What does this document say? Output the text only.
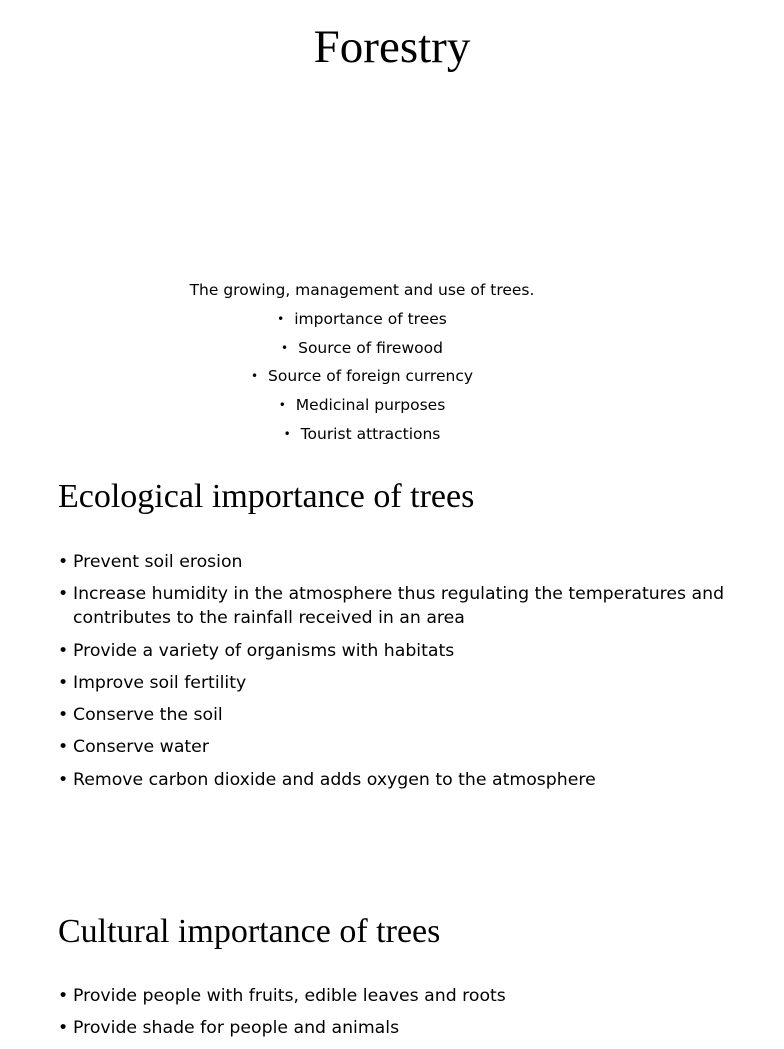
Forestry
The growing, management and use of trees.
• importance of trees
• Source of firewood
• Source of foreign currency
• Medicinal purposes
• Tourist attractions
Ecological importance of trees
• Prevent soil erosion
• Increase humidity in the atmosphere thus regulating the temperatures and contributes to the rainfall received in an area
• Provide a variety of organisms with habitats
• Improve soil fertility
• Conserve the soil
• Conserve water
• Remove carbon dioxide and adds oxygen to the atmosphere
Cultural importance of trees
• Provide people with fruits, edible leaves and roots
• Provide shade for people and animals
